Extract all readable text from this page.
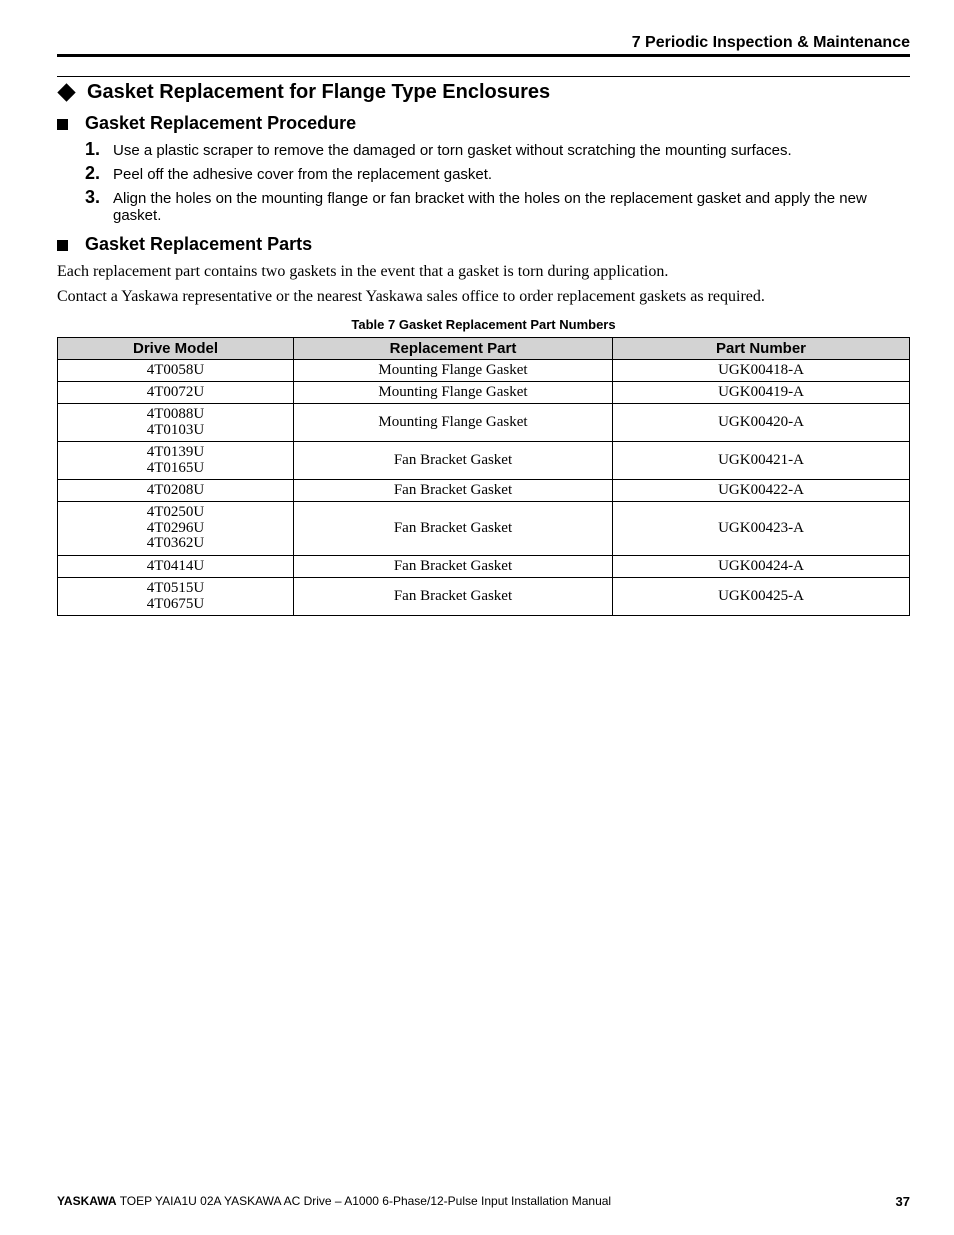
7 Periodic Inspection & Maintenance
Gasket Replacement for Flange Type Enclosures
Gasket Replacement Procedure
1. Use a plastic scraper to remove the damaged or torn gasket without scratching the mounting surfaces.
2. Peel off the adhesive cover from the replacement gasket.
3. Align the holes on the mounting flange or fan bracket with the holes on the replacement gasket and apply the new gasket.
Gasket Replacement Parts
Each replacement part contains two gaskets in the event that a gasket is torn during application.
Contact a Yaskawa representative or the nearest Yaskawa sales office to order replacement gaskets as required.
Table 7 Gasket Replacement Part Numbers
Drive Model	Replacement Part	Part Number

4T0058U	Mounting Flange Gasket	UGK00418-A

4T0072U	Mounting Flange Gasket	UGK00419-A

4T0088U
4T0103U	Mounting Flange Gasket	UGK00420-A

4T0139U
4T0165U	Fan Bracket Gasket	UGK00421-A

4T0208U	Fan Bracket Gasket	UGK00422-A

4T0250U
4T0296U
4T0362U	Fan Bracket Gasket	UGK00423-A

4T0414U	Fan Bracket Gasket	UGK00424-A

4T0515U
4T0675U	Fan Bracket Gasket	UGK00425-A
YASKAWA TOEP YAIA1U 02A YASKAWA AC Drive – A1000 6-Phase/12-Pulse Input Installation Manual	37
